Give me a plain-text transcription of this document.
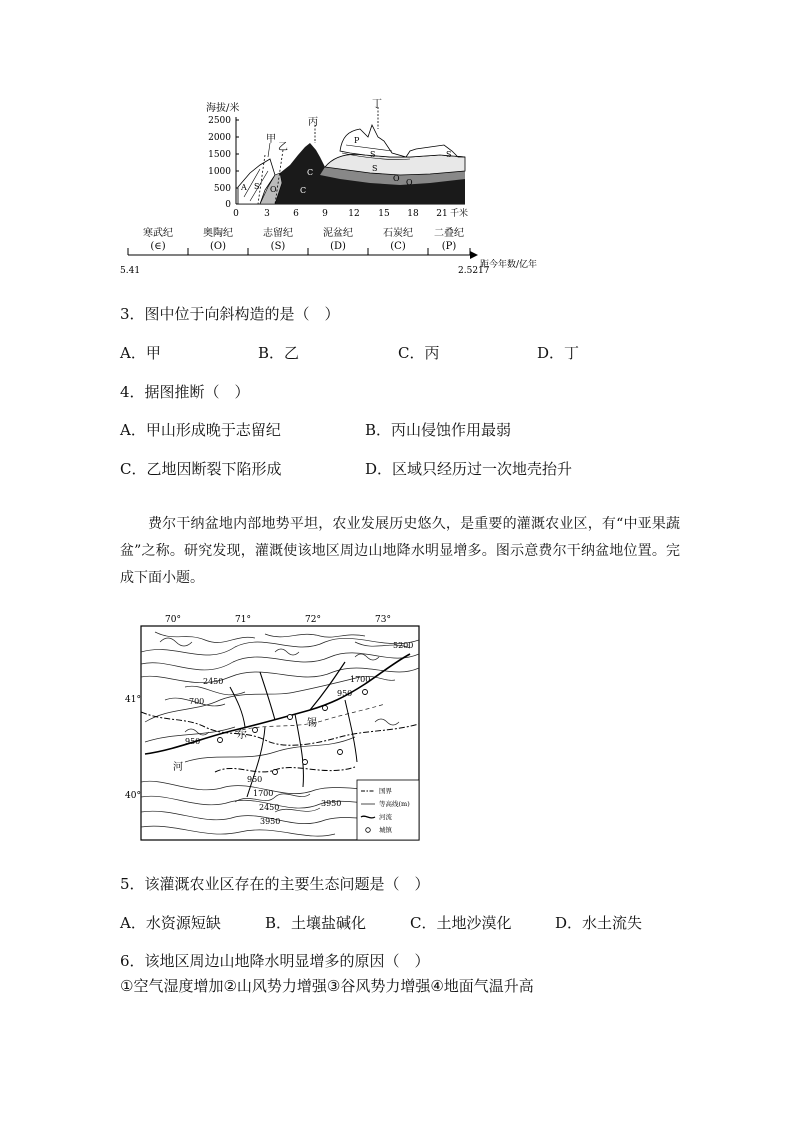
海拔/米
2500
2000
1500
1000
500
0
甲
乙
丙
丁
P
S
S
C
C
O O
O
A S
S
0	3	6	9 12 15 18 21 千米
寒武纪
(∈)
奥陶纪
(O)
志留纪
(S)
泥盆纪
(D)
石炭纪
(C)
二叠纪
(P)
5.41	2.5217
距今年数/亿年
3．图中位于向斜构造的是（　）
A．甲	B．乙	C．丙	D．丁
4．据图推断（　）
A．甲山形成晚于志留纪	B．丙山侵蚀作用最弱
C．乙地因断裂下陷形成	D．区域只经历过一次地壳抬升
费尔干纳盆地内部地势平坦，农业发展历史悠久，是重要的灌溉农业区，有“中亚果蔬盆”之称。研究发现，灌溉使该地区周边山地降水明显增多。图示意费尔干纳盆地位置。完成下面小题。
70°	71°	72°	73°
41°
40°
2450
950
700
950
1700
2450
3950
950
1700
3950
5200
河
尔
锡
国界
等高线(m)
河流
城镇
5．该灌溉农业区存在的主要生态问题是（　）
A．水资源短缺	B．土壤盐碱化	C．土地沙漠化	D．水土流失
6．该地区周边山地降水明显增多的原因（　）
①空气湿度增加②山风势力增强③谷风势力增强④地面气温升高
